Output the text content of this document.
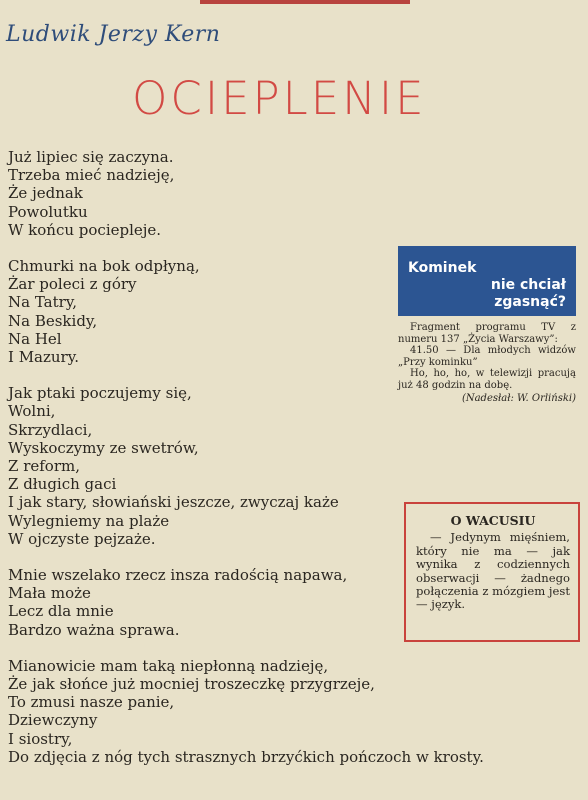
Ludwik Jerzy Kern
OCIEPLENIE
Już lipiec się zaczyna.
Trzeba mieć nadzieję,
Że jednak
Powolutku
W końcu pociepleje.
Chmurki na bok odpłyną,
Żar poleci z góry
Na Tatry,
Na Beskidy,
Na Hel
I Mazury.
Jak ptaki poczujemy się,
Wolni,
Skrzydlaci,
Wyskoczymy ze swetrów,
Z reform,
Z długich gaci
I jak stary, słowiański jeszcze, zwyczaj każe
Wylegniemy na plaże
W ojczyste pejzaże.
Mnie wszelako rzecz insza radością napawa,
Mała może
Lecz dla mnie
Bardzo ważna sprawa.
Mianowicie mam taką niepłonną nadzieję,
Że jak słońce już mocniej troszeczkę przygrzeje,
To zmusi nasze panie,
Dziewczyny
I siostry,
Do zdjęcia z nóg tych strasznych brzyćkich pończoch w krosty.
Kominek
nie chciał
zgasnąć?

Fragment programu TV z numeru 137 „Życia Warszawy”:

41.50 — Dla młodych widzów „Przy kominku”

Ho, ho, ho, w telewizji pracują już 48 godzin na dobę.

(Nadesłał: W. Orliński)

O WACUSIU
— Jedynym mięśniem, który nie ma — jak wynika z codziennych obserwacji — żadnego połączenia z mózgiem jest — język.
